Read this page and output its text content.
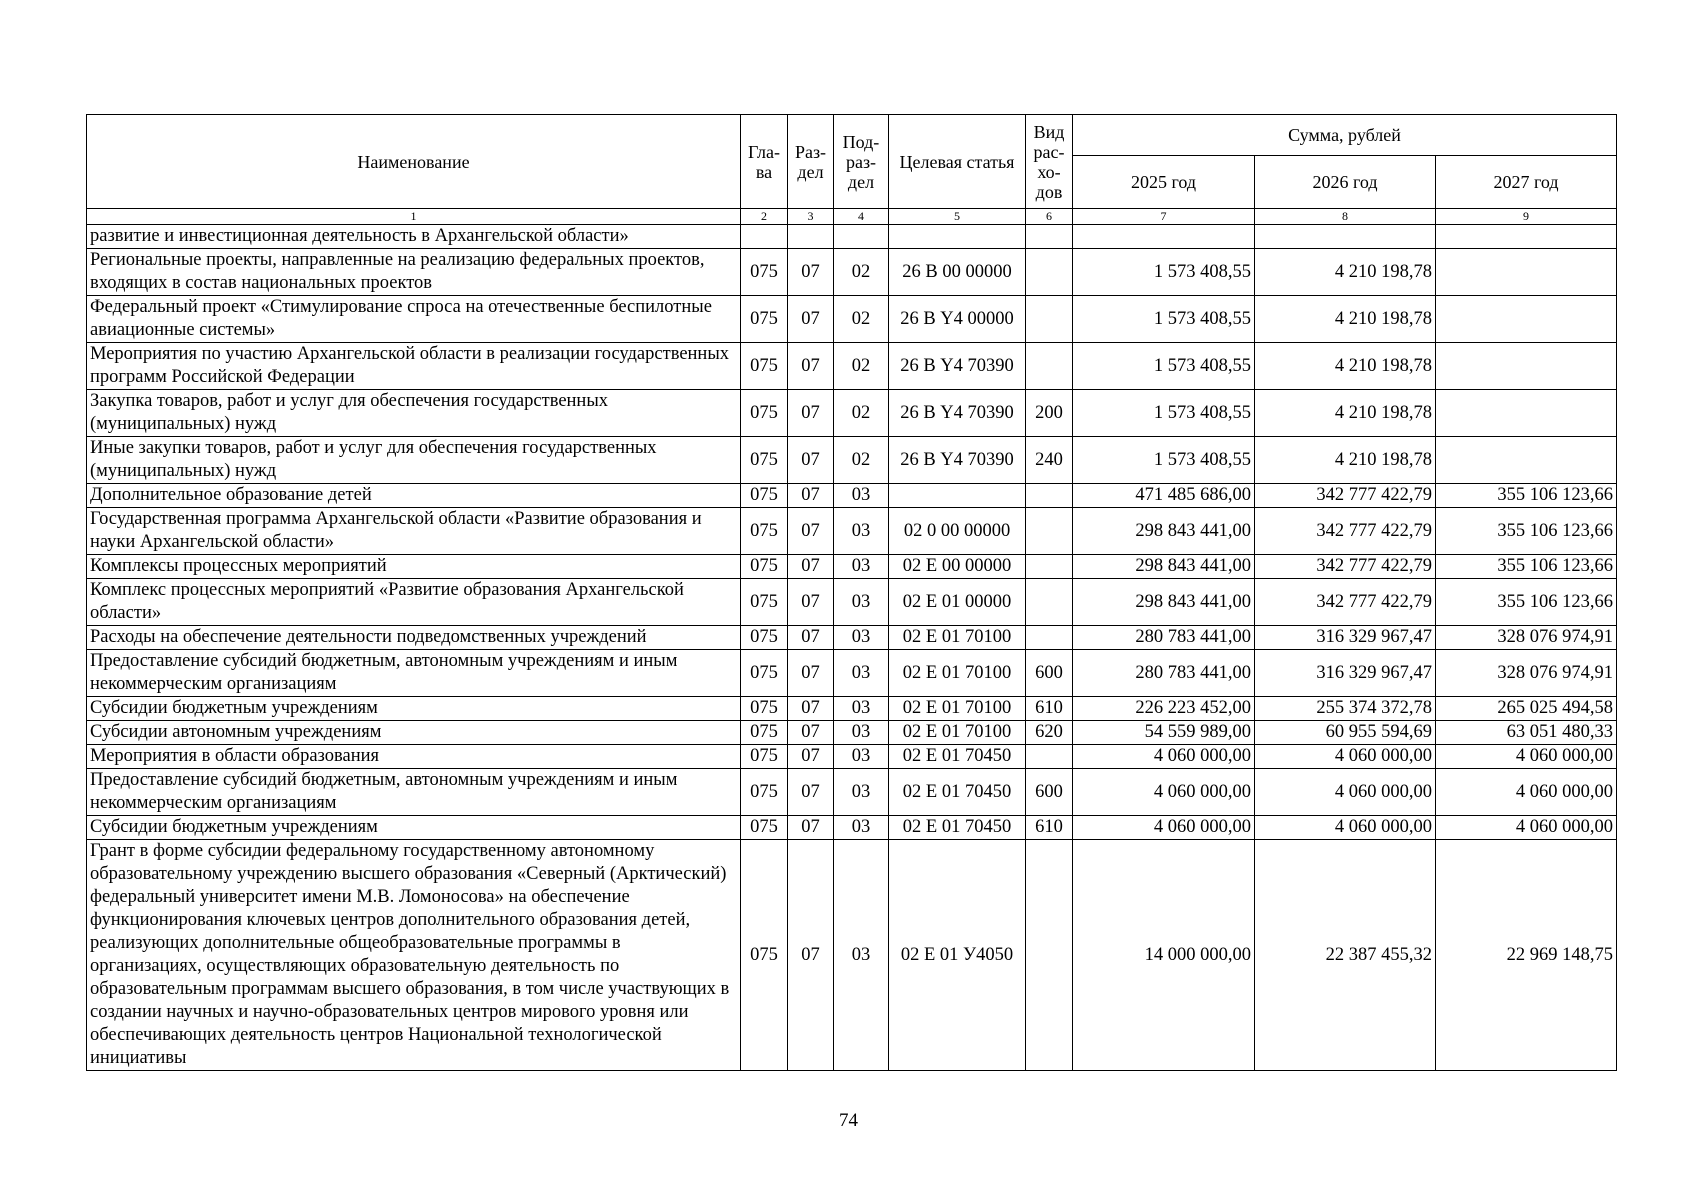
Наименование	Гла-ва	Раз-дел	Под-раз-дел	Целевая статья	Вид рас-хо-дов	Сумма, рублей		
						2025 год	2026 год	2027 год
1	2	3	4	5	6	7	8	9
развитие и инвестиционная деятельность в Архангельской области»								
Региональные проекты, направленные на реализацию федеральных проектов, входящих в состав национальных проектов	075	07	02	26 В 00 00000		1 573 408,55	4 210 198,78	
Федеральный проект «Стимулирование спроса на отечественные беспилотные авиационные системы»	075	07	02	26 В Y4 00000		1 573 408,55	4 210 198,78	
Мероприятия по участию Архангельской области в реализации государственных программ Российской Федерации	075	07	02	26 В Y4 70390		1 573 408,55	4 210 198,78	
Закупка товаров, работ и услуг для обеспечения государственных (муниципальных) нужд	075	07	02	26 В Y4 70390	200	1 573 408,55	4 210 198,78	
Иные закупки товаров, работ и услуг для обеспечения государственных (муниципальных) нужд	075	07	02	26 В Y4 70390	240	1 573 408,55	4 210 198,78	
Дополнительное образование детей	075	07	03			471 485 686,00	342 777 422,79	355 106 123,66
Государственная программа Архангельской области «Развитие образования и науки Архангельской области»	075	07	03	02 0 00 00000		298 843 441,00	342 777 422,79	355 106 123,66
Комплексы процессных мероприятий	075	07	03	02 Е 00 00000		298 843 441,00	342 777 422,79	355 106 123,66
Комплекс процессных мероприятий «Развитие образования Архангельской области»	075	07	03	02 Е 01 00000		298 843 441,00	342 777 422,79	355 106 123,66
Расходы на обеспечение деятельности подведомственных учреждений	075	07	03	02 Е 01 70100		280 783 441,00	316 329 967,47	328 076 974,91
Предоставление субсидий бюджетным, автономным учреждениям и иным некоммерческим организациям	075	07	03	02 Е 01 70100	600	280 783 441,00	316 329 967,47	328 076 974,91
Субсидии бюджетным учреждениям	075	07	03	02 Е 01 70100	610	226 223 452,00	255 374 372,78	265 025 494,58
Субсидии автономным учреждениям	075	07	03	02 Е 01 70100	620	54 559 989,00	60 955 594,69	63 051 480,33
Мероприятия в области образования	075	07	03	02 Е 01 70450		4 060 000,00	4 060 000,00	4 060 000,00
Предоставление субсидий бюджетным, автономным учреждениям и иным некоммерческим организациям	075	07	03	02 Е 01 70450	600	4 060 000,00	4 060 000,00	4 060 000,00
Субсидии бюджетным учреждениям	075	07	03	02 Е 01 70450	610	4 060 000,00	4 060 000,00	4 060 000,00
Грант в форме субсидии федеральному государственному автономному образовательному учреждению высшего образования «Северный (Арктический) федеральный университет имени М.В. Ломоносова» на обеспечение функционирования ключевых центров дополнительного образования детей, реализующих дополнительные общеобразовательные программы в организациях, осуществляющих образовательную деятельность по образовательным программам высшего образования, в том числе участвующих в создании научных и научно-образовательных центров мирового уровня или обеспечивающих деятельность центров Национальной технологической инициативы	075	07	03	02 Е 01 У4050		14 000 000,00	22 387 455,32	22 969 148,75
74
